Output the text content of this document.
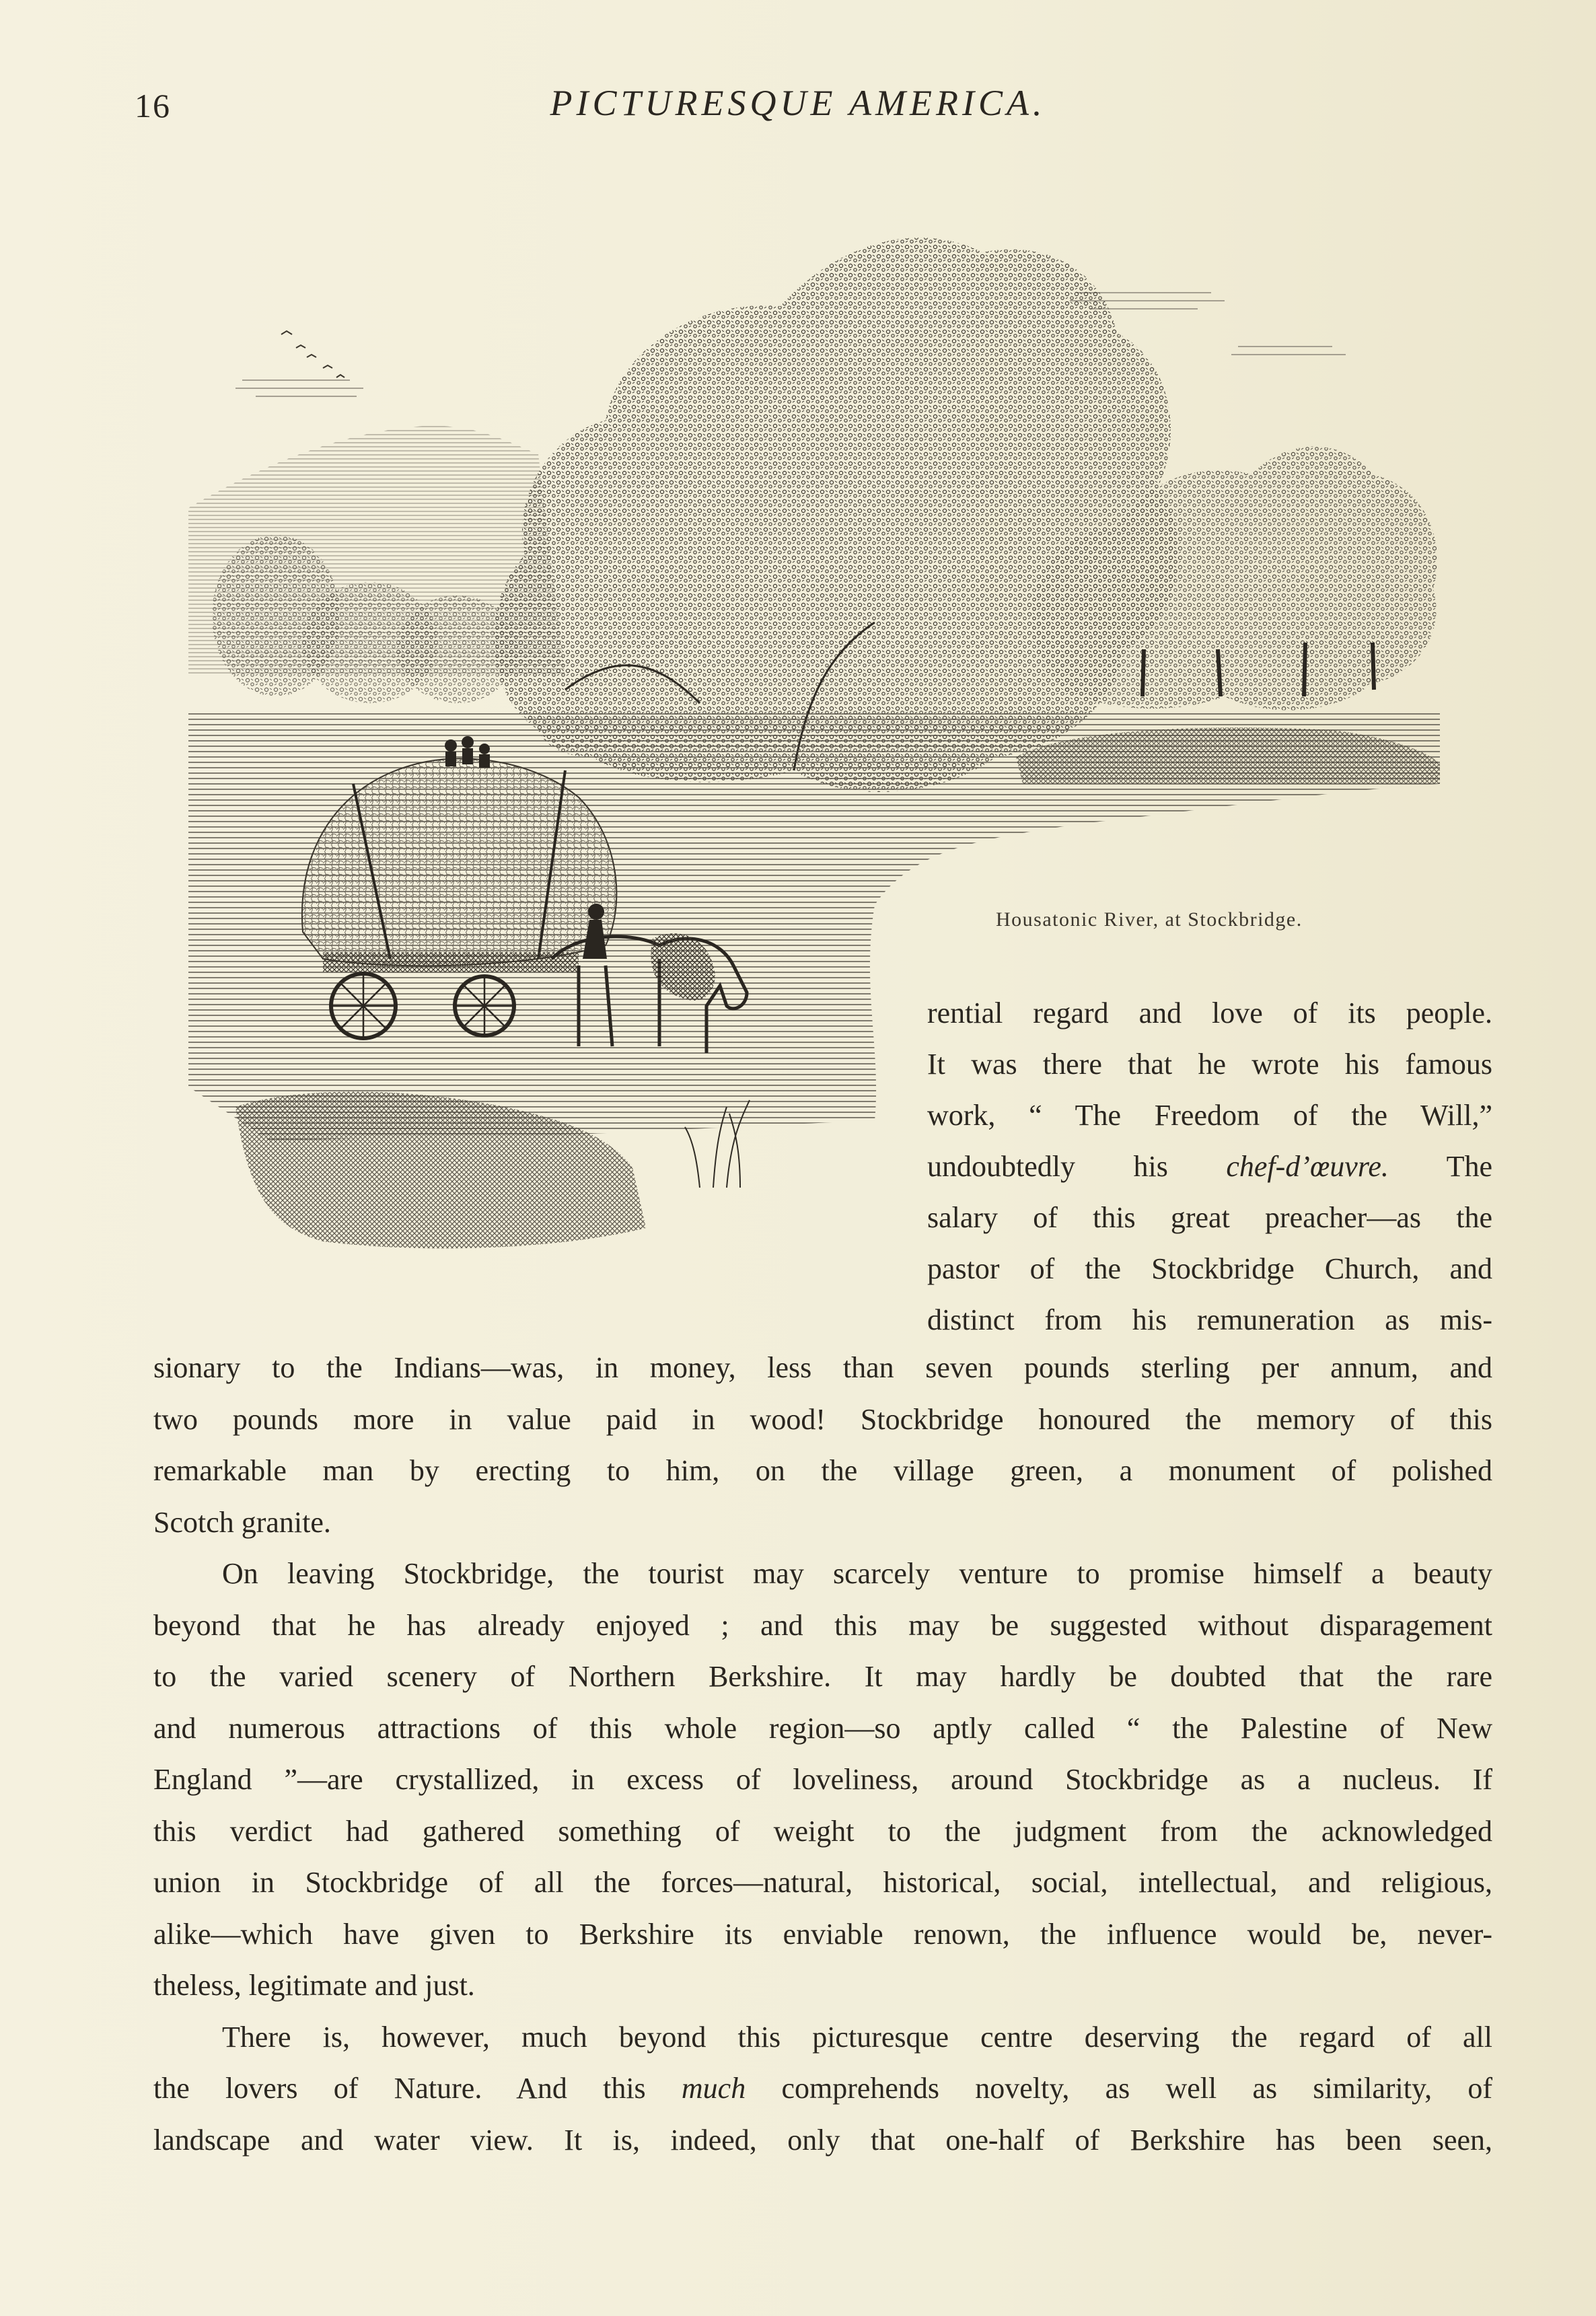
16	PICTURESQUE AMERICA.
Housatonic River, at Stockbridge.
rential regard and love of its people.
It was there that he wrote his famous
work, “ The Freedom of the Will,”
undoubtedly his chef-d’œuvre. The
salary of this great preacher—as the
pastor of the Stockbridge Church, and
distinct from his remuneration as mis-
sionary to the Indians—was, in money, less than seven pounds sterling per annum, and
two pounds more in value paid in wood! Stockbridge honoured the memory of this
remarkable man by erecting to him, on the village green, a monument of polished
Scotch granite.
On leaving Stockbridge, the tourist may scarcely venture to promise himself a beauty
beyond that he has already enjoyed ; and this may be suggested without disparagement
to the varied scenery of Northern Berkshire. It may hardly be doubted that the rare
and numerous attractions of this whole region—so aptly called “ the Palestine of New
England ”—are crystallized, in excess of loveliness, around Stockbridge as a nucleus. If
this verdict had gathered something of weight to the judgment from the acknowledged
union in Stockbridge of all the forces—natural, historical, social, intellectual, and religious,
alike—which have given to Berkshire its enviable renown, the influence would be, never-
theless, legitimate and just.
There is, however, much beyond this picturesque centre deserving the regard of all
the lovers of Nature. And this much comprehends novelty, as well as similarity, of
landscape and water view. It is, indeed, only that one-half of Berkshire has been seen,
